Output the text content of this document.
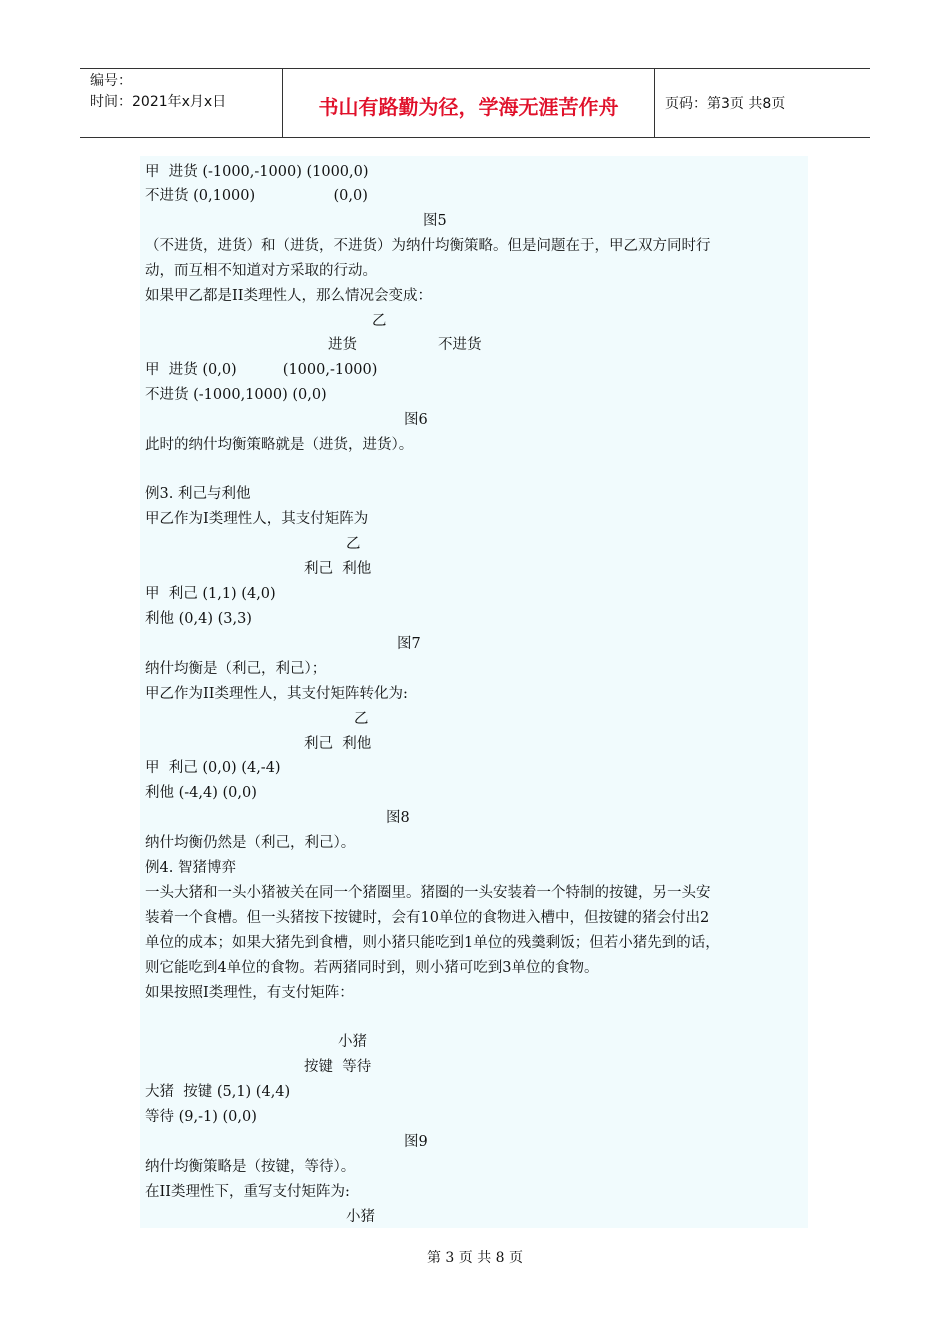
编号：
时间：2021年x月x日	书山有路勤为径，学海无涯苦作舟	页码：第3页 共8页
甲  进货 (-1000,-1000) (1000,0)
不进货 (0,1000)                 (0,0)
图5
（不进货，进货）和（进货，不进货）为纳什均衡策略。但是问题在于，甲乙双方同时行
动，而互相不知道对方采取的行动。
如果甲乙都是II类理性人，那么情况会变成：
乙
进货	不进货
甲  进货 (0,0)          (1000,-1000)
不进货 (-1000,1000) (0,0)
图6
此时的纳什均衡策略就是（进货，进货）。
例3. 利己与利他
甲乙作为I类理性人，其支付矩阵为
乙
利己  利他
甲  利己 (1,1) (4,0)
利他 (0,4) (3,3)
图7
纳什均衡是（利己，利己）；
甲乙作为II类理性人，其支付矩阵转化为:
乙
利己  利他
甲  利己 (0,0) (4,-4)
利他 (-4,4) (0,0)
图8
纳什均衡仍然是（利己，利己）。
例4. 智猪博弈
一头大猪和一头小猪被关在同一个猪圈里。猪圈的一头安装着一个特制的按键，另一头安
装着一个食槽。但一头猪按下按键时，会有10单位的食物进入槽中，但按键的猪会付出2
单位的成本；如果大猪先到食槽，则小猪只能吃到1单位的残羹剩饭；但若小猪先到的话，
则它能吃到4单位的食物。若两猪同时到，则小猪可吃到3单位的食物。
如果按照I类理性，有支付矩阵：
小猪
按键  等待
大猪  按键 (5,1) (4,4)
等待 (9,-1) (0,0)
图9
纳什均衡策略是（按键，等待）。
在II类理性下，重写支付矩阵为:
小猪
第 3 页 共 8 页
